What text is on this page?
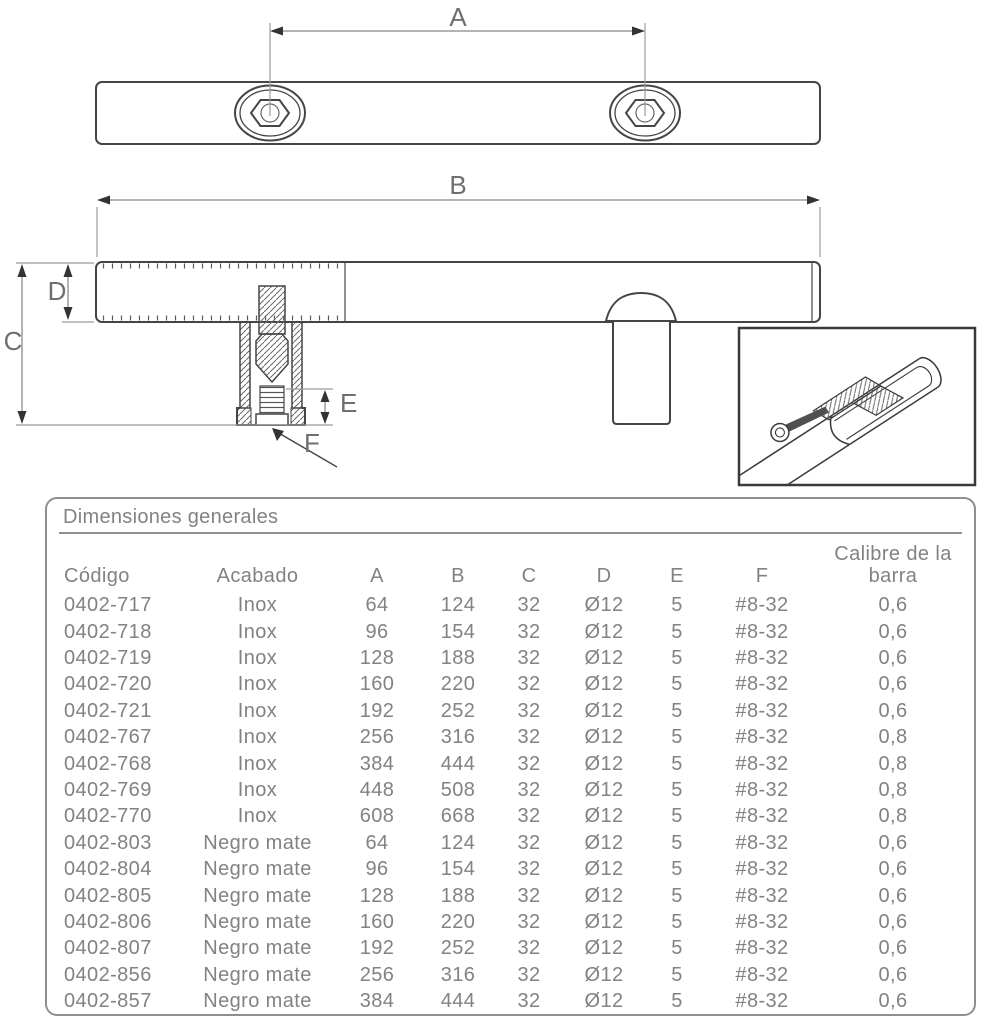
A
B
C
D
E
F
Dimensiones generales
Código	Acabado	A	B	C	D	E	F	Calibre de la barra
0402-717	Inox	64	124	32	Ø12	5	#8-32	0,6
0402-718	Inox	96	154	32	Ø12	5	#8-32	0,6
0402-719	Inox	128	188	32	Ø12	5	#8-32	0,6
0402-720	Inox	160	220	32	Ø12	5	#8-32	0,6
0402-721	Inox	192	252	32	Ø12	5	#8-32	0,6
0402-767	Inox	256	316	32	Ø12	5	#8-32	0,8
0402-768	Inox	384	444	32	Ø12	5	#8-32	0,8
0402-769	Inox	448	508	32	Ø12	5	#8-32	0,8
0402-770	Inox	608	668	32	Ø12	5	#8-32	0,8
0402-803	Negro mate	64	124	32	Ø12	5	#8-32	0,6
0402-804	Negro mate	96	154	32	Ø12	5	#8-32	0,6
0402-805	Negro mate	128	188	32	Ø12	5	#8-32	0,6
0402-806	Negro mate	160	220	32	Ø12	5	#8-32	0,6
0402-807	Negro mate	192	252	32	Ø12	5	#8-32	0,6
0402-856	Negro mate	256	316	32	Ø12	5	#8-32	0,6
0402-857	Negro mate	384	444	32	Ø12	5	#8-32	0,6
